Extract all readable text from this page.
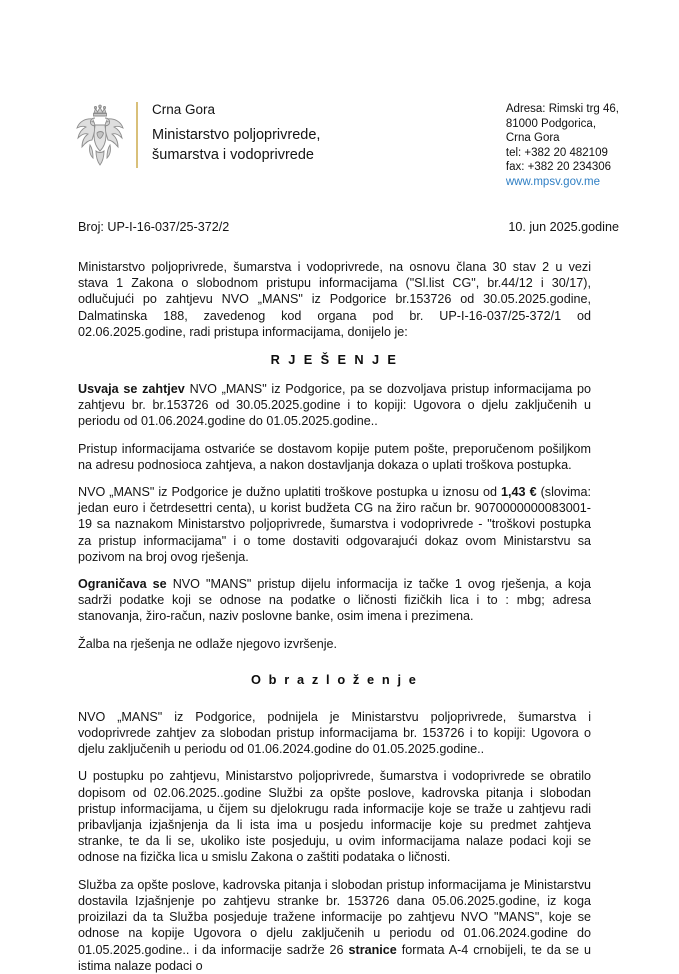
Crna Gora
Ministarstvo poljoprivrede,
šumarstva i vodoprivrede
Adresa: Rimski trg 46,
81000 Podgorica,
Crna Gora
tel: +382 20 482109
fax: +382 20 234306
www.mpsv.gov.me
Broj: UP-I-16-037/25-372/2	10. jun 2025.godine

Ministarstvo poljoprivrede, šumarstva i vodoprivrede, na osnovu člana 30 stav 2 u vezi stava 1 Zakona o slobodnom pristupu informacijama ("Sl.list CG", br.44/12 i 30/17), odlučujući po zahtjevu NVO „MANS" iz Podgorice br.153726 od 30.05.2025.godine, Dalmatinska 188, zavedenog kod organa pod br. UP-I-16-037/25-372/1 od 02.06.2025.godine, radi pristupa informacijama, donijelo je:

R J E Š E N J E

Usvaja se zahtjev NVO „MANS" iz Podgorice, pa se dozvoljava pristup informacijama po zahtjevu br. br.153726 od 30.05.2025.godine i to kopiji: Ugovora o djelu zaključenih u periodu od 01.06.2024.godine do 01.05.2025.godine..

Pristup informacijama ostvariće se dostavom kopije putem pošte, preporučenom pošiljkom na adresu podnosioca zahtjeva, a nakon dostavljanja dokaza o uplati troškova postupka.

NVO „MANS" iz Podgorice je dužno uplatiti troškove postupka u iznosu od 1,43 € (slovima: jedan euro i četrdesettri centa), u korist budžeta CG na žiro račun br. 9070000000083001-19 sa naznakom Ministarstvo poljoprivrede, šumarstva i vodoprivrede - "troškovi postupka za pristup informacijama" i o tome dostaviti odgovarajući dokaz ovom Ministarstvu sa pozivom na broj ovog rješenja.

Ograničava se NVO "MANS" pristup dijelu informacija iz tačke 1 ovog rješenja, a koja sadrži podatke koji se odnose na podatke o ličnosti fizičkih lica i to : mbg; adresa stanovanja, žiro-račun, naziv poslovne banke, osim imena i prezimena.

Žalba na rješenja ne odlaže njegovo izvršenje.

O b r a z l o ž e n j e

NVO „MANS" iz Podgorice, podnijela je Ministarstvu poljoprivrede, šumarstva i vodoprivrede zahtjev za slobodan pristup informacijama br. 153726 i to kopiji: Ugovora o djelu zaključenih u periodu od 01.06.2024.godine do 01.05.2025.godine..

U postupku po zahtjevu, Ministarstvo poljoprivrede, šumarstva i vodoprivrede se obratilo dopisom od 02.06.2025..godine Službi za opšte poslove, kadrovska pitanja i slobodan pristup informacijama, u čijem su djelokrugu rada informacije koje se traže u zahtjevu radi pribavljanja izjašnjenja da li ista ima u posjedu informacije koje su predmet zahtjeva stranke, te da li se, ukoliko iste posjeduju, u ovim informacijama nalaze podaci koji se odnose na fizička lica u smislu Zakona o zaštiti podataka o ličnosti.

Služba za opšte poslove, kadrovska pitanja i slobodan pristup informacijama je Ministarstvu dostavila Izjašnjenje po zahtjevu stranke br. 153726 dana 05.06.2025.godine, iz koga proizilazi da ta Služba posjeduje tražene informacije po zahtjevu NVO "MANS", koje se odnose na kopije Ugovora o djelu zaključenih u periodu od 01.06.2024.godine do 01.05.2025.godine.. i da informacije sadrže 26 stranice formata A-4 crnobijeli, te da se u istima nalaze podaci o
